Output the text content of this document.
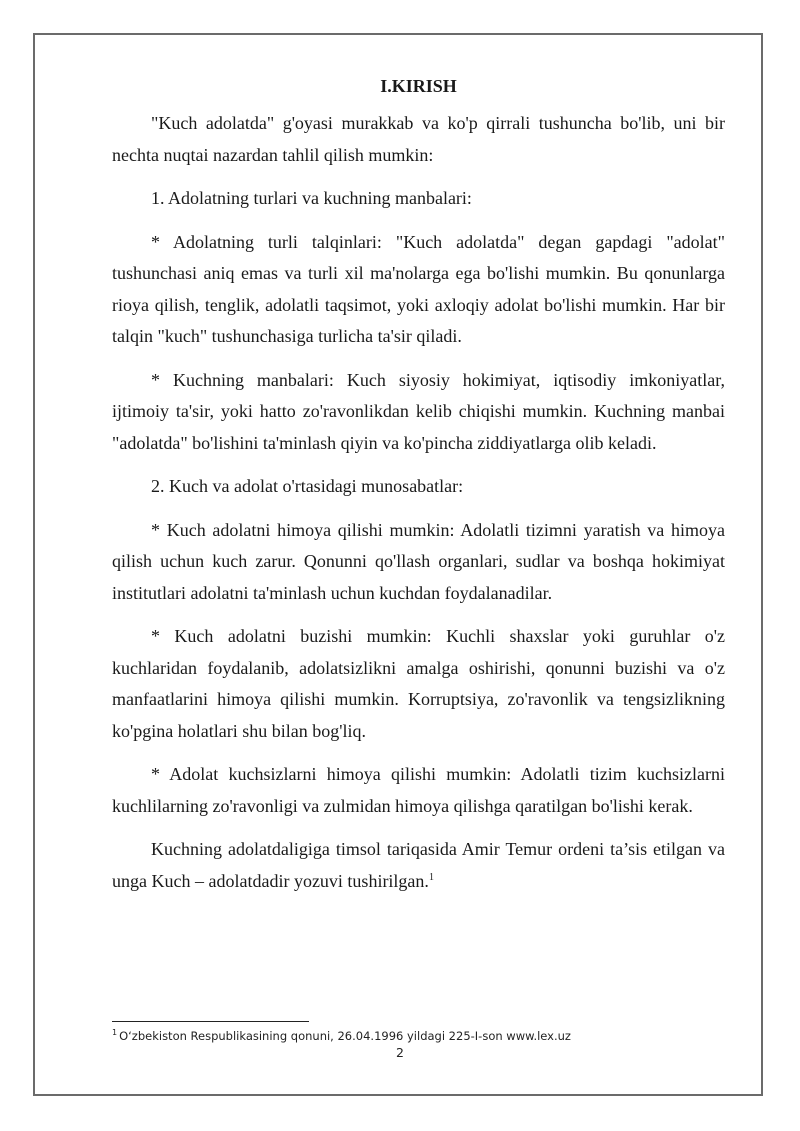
I.KIRISH

"Kuch adolatda" g'oyasi murakkab va ko'p qirrali tushuncha bo'lib, uni bir nechta nuqtai nazardan tahlil qilish mumkin:

1. Adolatning turlari va kuchning manbalari:

* Adolatning turli talqinlari: "Kuch adolatda" degan gapdagi "adolat" tushunchasi aniq emas va turli xil ma'nolarga ega bo'lishi mumkin. Bu qonunlarga rioya qilish, tenglik, adolatli taqsimot, yoki axloqiy adolat bo'lishi mumkin. Har bir talqin "kuch" tushunchasiga turlicha ta'sir qiladi.

* Kuchning manbalari: Kuch siyosiy hokimiyat, iqtisodiy imkoniyatlar, ijtimoiy ta'sir, yoki hatto zo'ravonlikdan kelib chiqishi mumkin. Kuchning manbai "adolatda" bo'lishini ta'minlash qiyin va ko'pincha ziddiyatlarga olib keladi.

2. Kuch va adolat o'rtasidagi munosabatlar:

* Kuch adolatni himoya qilishi mumkin: Adolatli tizimni yaratish va himoya qilish uchun kuch zarur. Qonunni qo'llash organlari, sudlar va boshqa hokimiyat institutlari adolatni ta'minlash uchun kuchdan foydalanadilar.

* Kuch adolatni buzishi mumkin: Kuchli shaxslar yoki guruhlar o'z kuchlaridan foydalanib, adolatsizlikni amalga oshirishi, qonunni buzishi va o'z manfaatlarini himoya qilishi mumkin. Korruptsiya, zo'ravonlik va tengsizlikning ko'pgina holatlari shu bilan bog'liq.

* Adolat kuchsizlarni himoya qilishi mumkin: Adolatli tizim kuchsizlarni kuchlilarning zo'ravonligi va zulmidan himoya qilishga qaratilgan bo'lishi kerak.

Kuchning adolatdaligiga timsol tariqasida Amir Temur ordeni ta’sis etilgan va unga Kuch – adolatdadir yozuvi tushirilgan.$^1$

$^1$ O‘zbekiston Respublikasining qonuni, 26.04.1996 yildagi 225-I-son www.lex.uz
2
